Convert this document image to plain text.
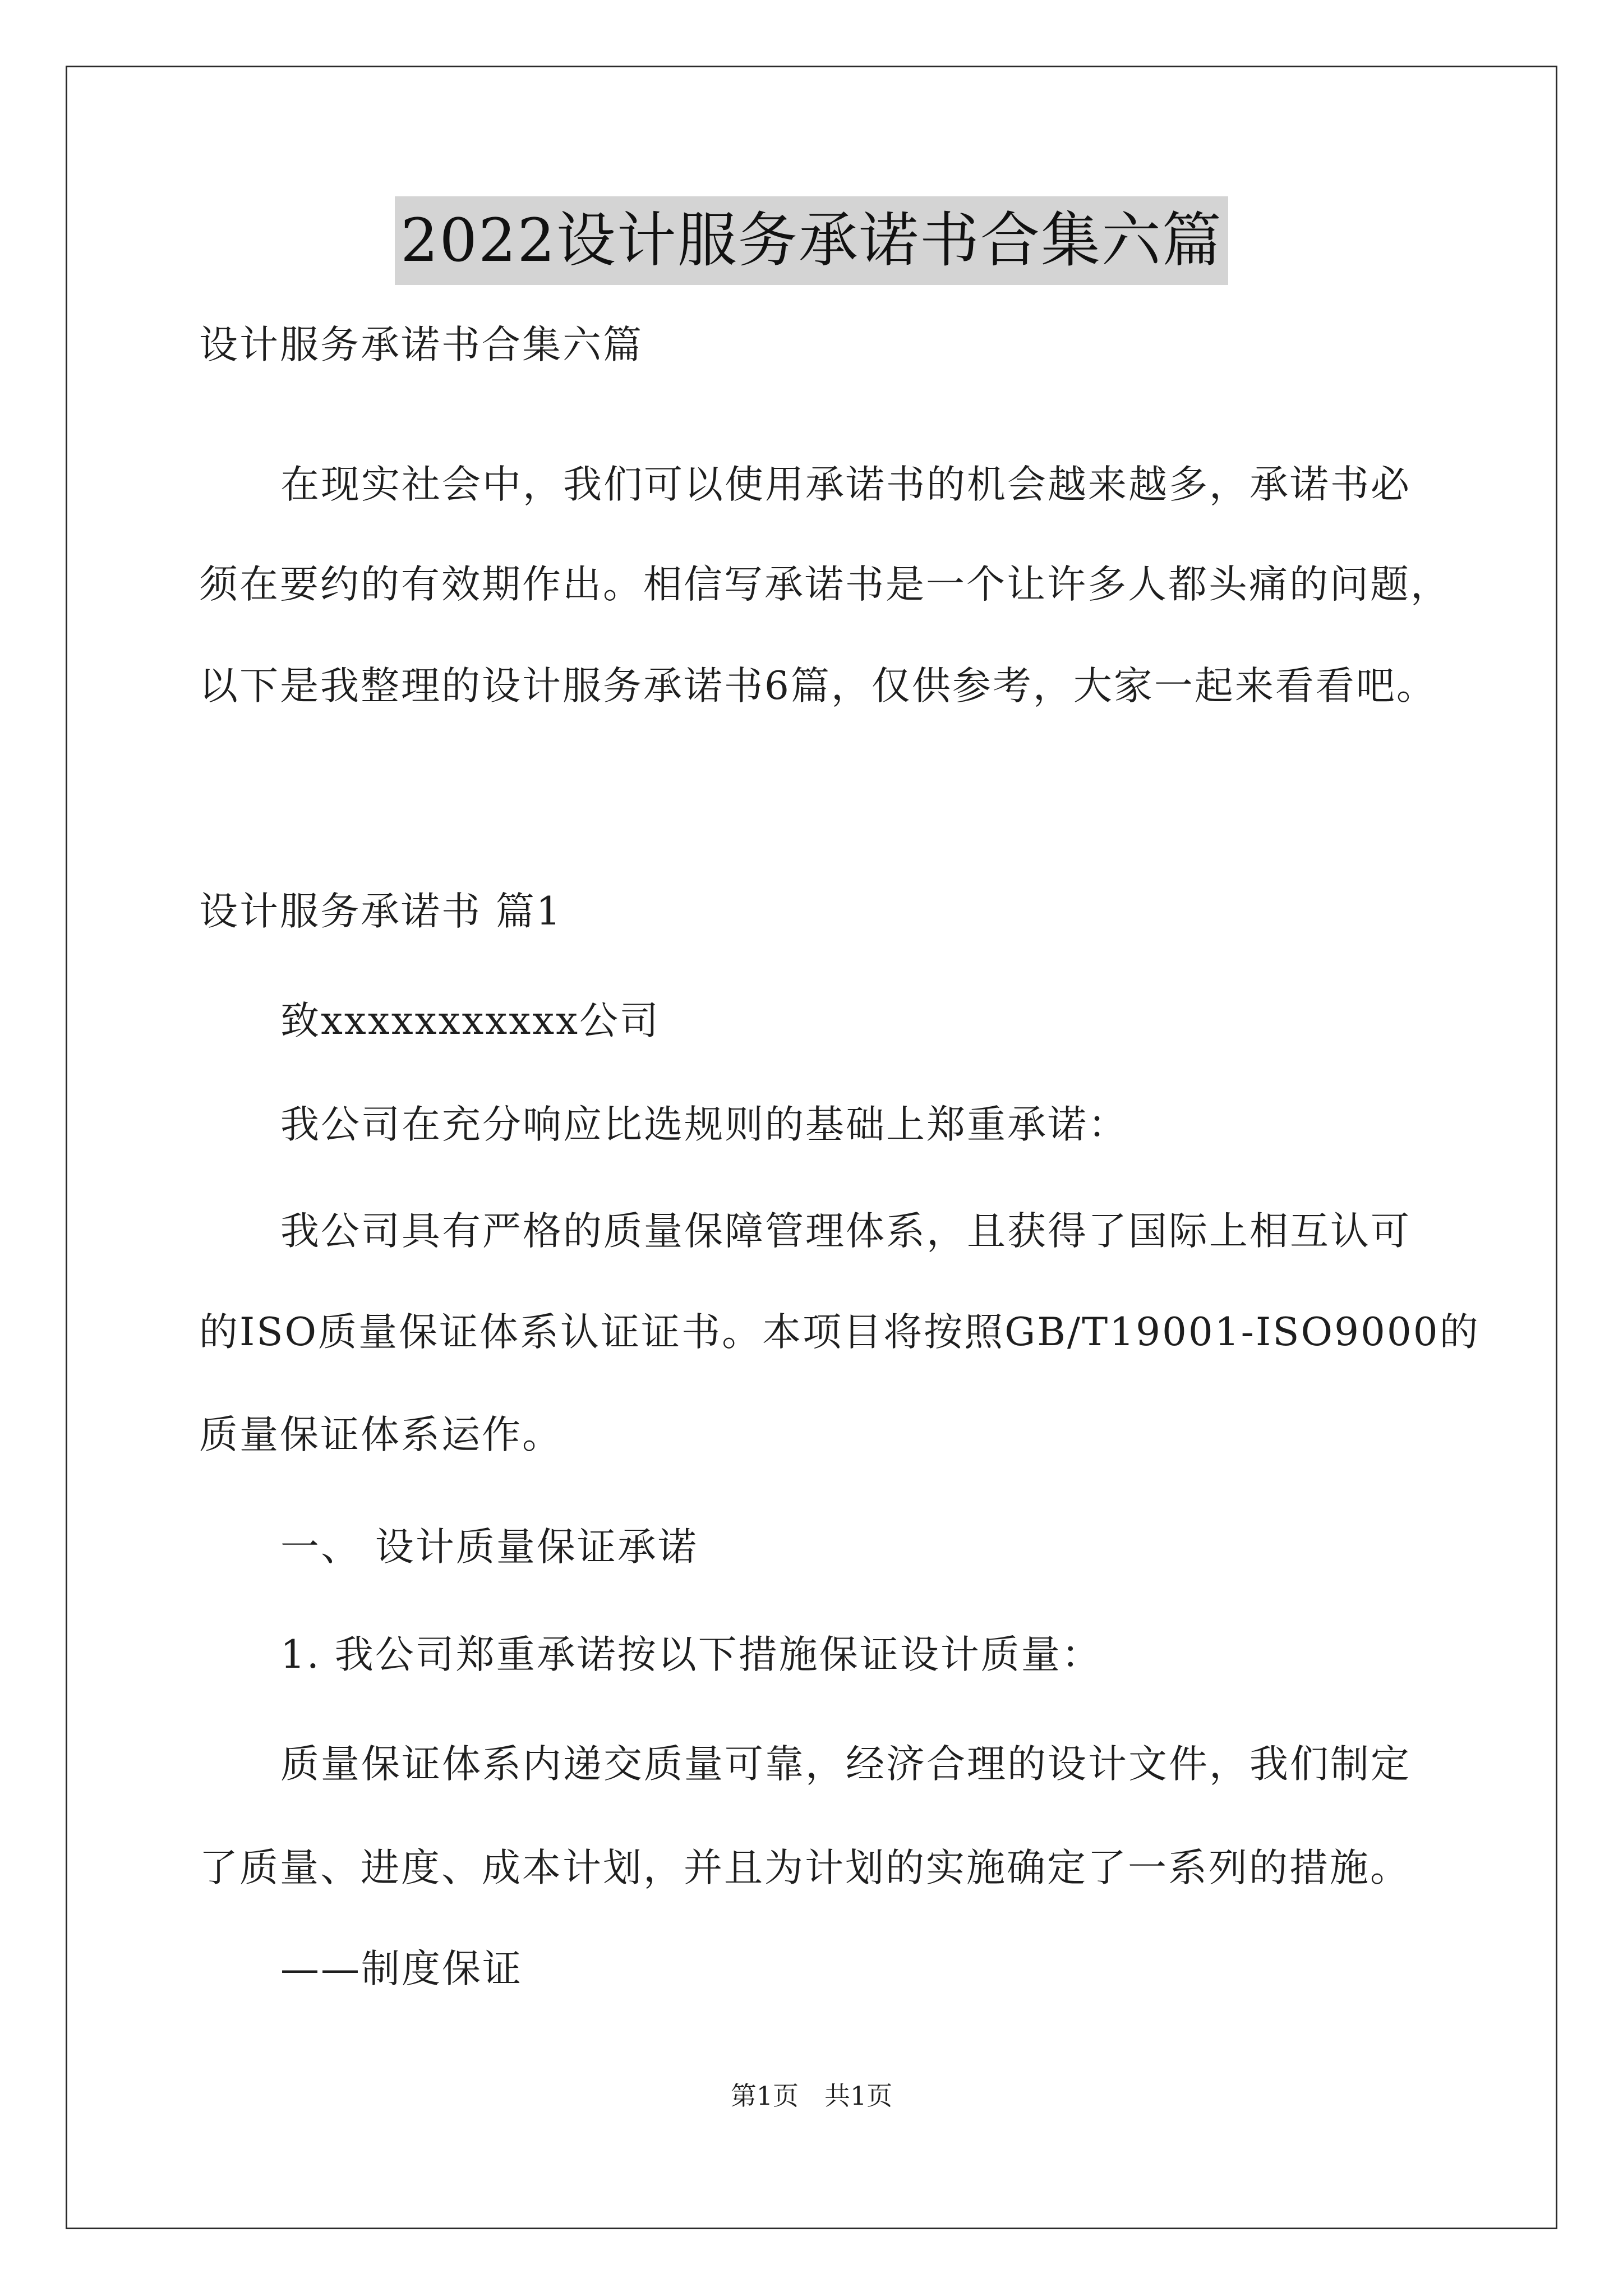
2022设计服务承诺书合集六篇
设计服务承诺书合集六篇
在现实社会中，我们可以使用承诺书的机会越来越多，承诺书必
须在要约的有效期作出。相信写承诺书是一个让许多人都头痛的问题，
以下是我整理的设计服务承诺书6篇，仅供参考，大家一起来看看吧。
设计服务承诺书 篇1
致xxxxxxxxxxx公司
我公司在充分响应比选规则的基础上郑重承诺：
我公司具有严格的质量保障管理体系，且获得了国际上相互认可
的ISO质量保证体系认证证书。本项目将按照GB/T19001-ISO9000的
质量保证体系运作。
一、 设计质量保证承诺
1. 我公司郑重承诺按以下措施保证设计质量：
质量保证体系内递交质量可靠，经济合理的设计文件，我们制定
了质量、进度、成本计划，并且为计划的实施确定了一系列的措施。
——制度保证
第1页　共1页
